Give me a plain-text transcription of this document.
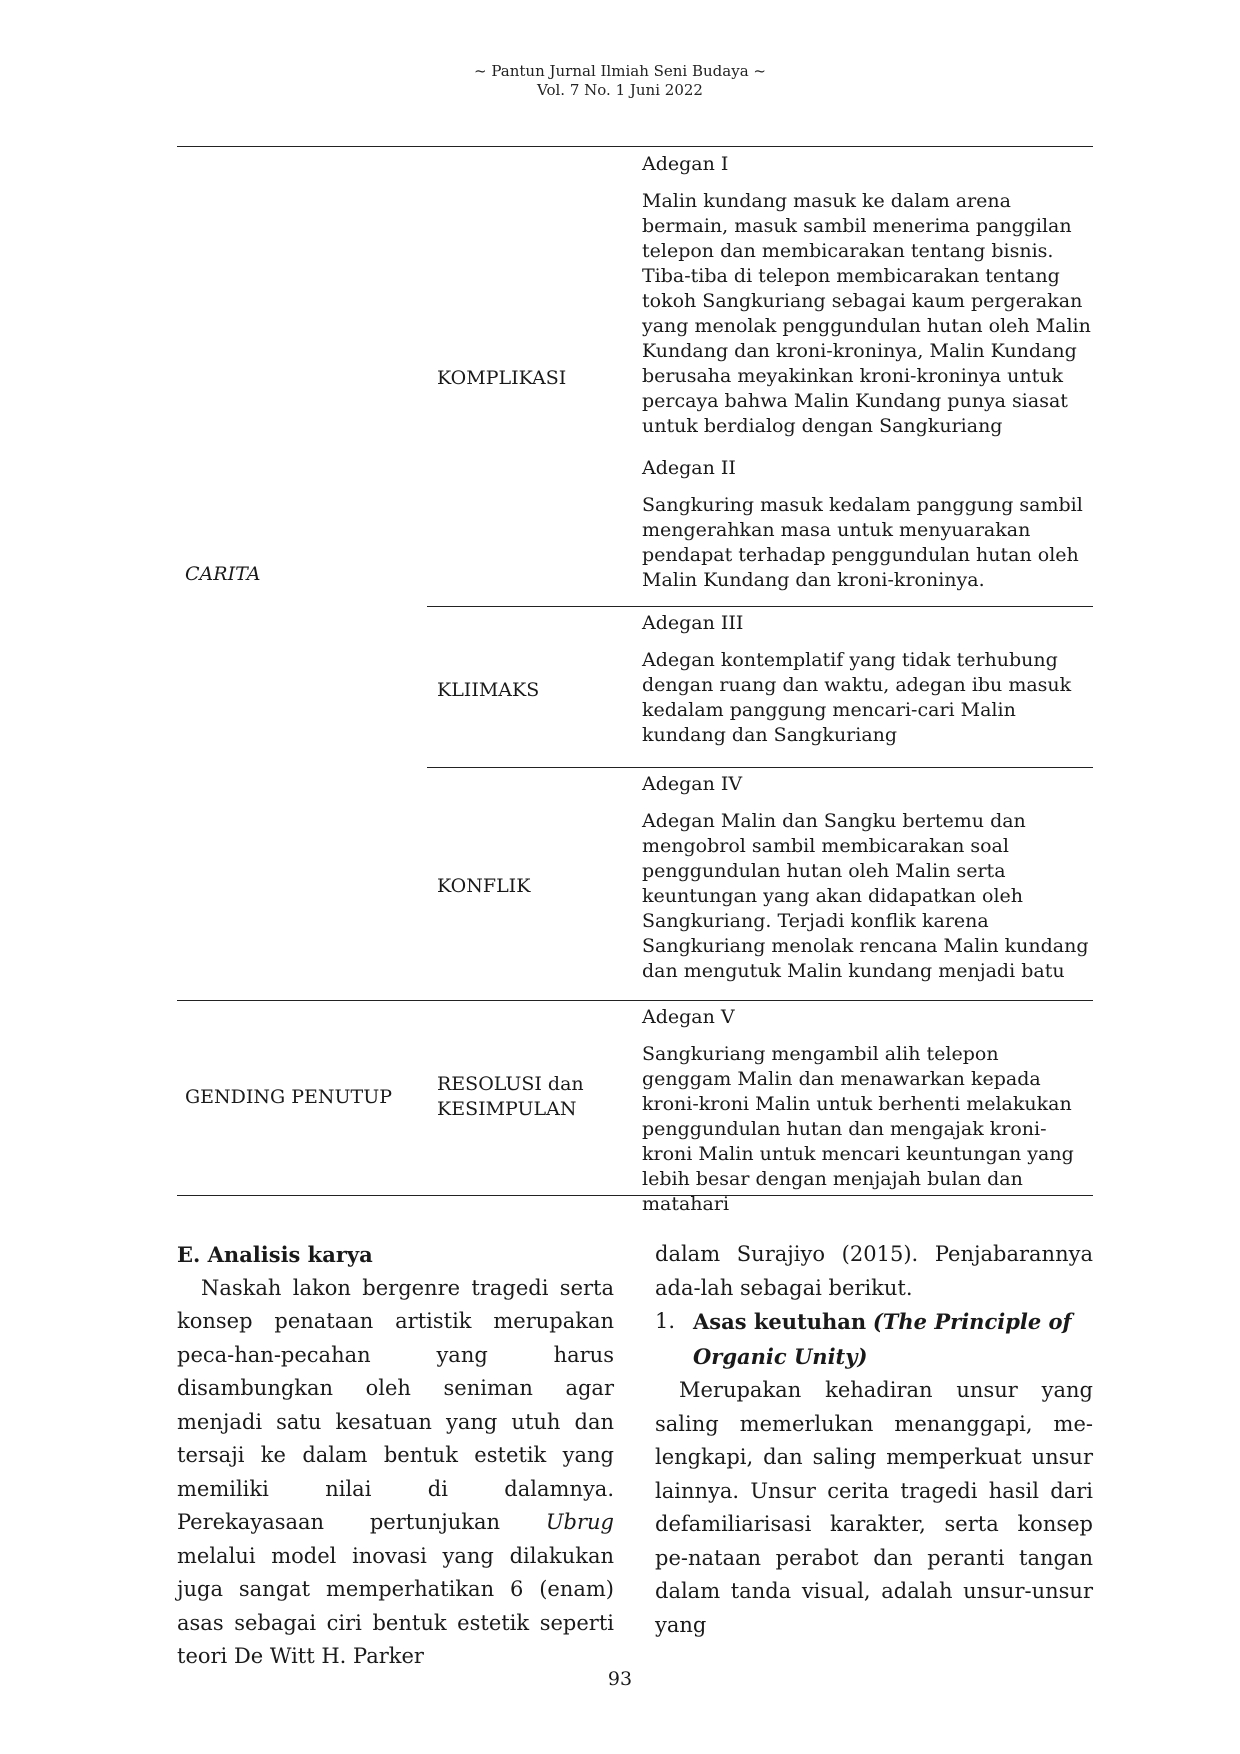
~ Pantun Jurnal Ilmiah Seni Budaya ~
Vol. 7 No. 1 Juni 2022
CARITA
GENDING PENUTUP
KOMPLIKASI
KLIIMAKS
KONFLIK
RESOLUSI dan
KESIMPULAN
Adegan I
Malin kundang masuk ke dalam arena bermain, masuk sambil menerima panggilan telepon dan membicarakan tentang bisnis. Tiba-tiba di telepon membicarakan tentang tokoh Sangkuriang sebagai kaum pergerakan yang menolak penggundulan hutan oleh Malin Kundang dan kroni-kroninya, Malin Kundang berusaha meyakinkan kroni-kroninya untuk percaya bahwa Malin Kundang punya siasat untuk berdialog dengan Sangkuriang
Adegan II
Sangkuring masuk kedalam panggung sambil mengerahkan masa untuk menyuarakan pendapat terhadap penggundulan hutan oleh Malin Kundang dan kroni-kroninya.
Adegan III
Adegan kontemplatif yang tidak terhubung dengan ruang dan waktu, adegan ibu masuk kedalam panggung mencari-cari Malin kundang dan Sangkuriang
Adegan IV
Adegan Malin dan Sangku bertemu dan mengobrol sambil membicarakan soal penggundulan hutan oleh Malin serta keuntungan yang akan didapatkan oleh Sangkuriang. Terjadi konflik karena Sangkuriang menolak rencana Malin kundang dan mengutuk Malin kundang menjadi batu
Adegan V
Sangkuriang mengambil alih telepon genggam Malin dan menawarkan kepada kroni-kroni Malin untuk berhenti melakukan penggundulan hutan dan mengajak kroni-kroni Malin untuk mencari keuntungan yang lebih besar dengan menjajah bulan dan matahari
E. Analisis karya

Naskah lakon bergenre tragedi serta konsep penataan artistik merupakan peca-han-pecahan yang harus disambungkan oleh seniman agar menjadi satu kesatuan yang utuh dan tersaji ke dalam bentuk estetik yang memiliki nilai di dalamnya. Perekayasaan pertunjukan Ubrug melalui model inovasi yang dilakukan juga sangat memperhatikan 6 (enam) asas sebagai ciri bentuk estetik seperti teori De Witt H. Parker

dalam Surajiyo (2015). Penjabarannya ada-lah sebagai berikut.

1. Asas keutuhan (The Principle of Organic Unity)

Merupakan kehadiran unsur yang saling memerlukan menanggapi, me-lengkapi, dan saling memperkuat unsur lainnya. Unsur cerita tragedi hasil dari defamiliarisasi karakter, serta konsep pe-nataan perabot dan peranti tangan dalam tanda visual, adalah unsur-unsur yang

93
